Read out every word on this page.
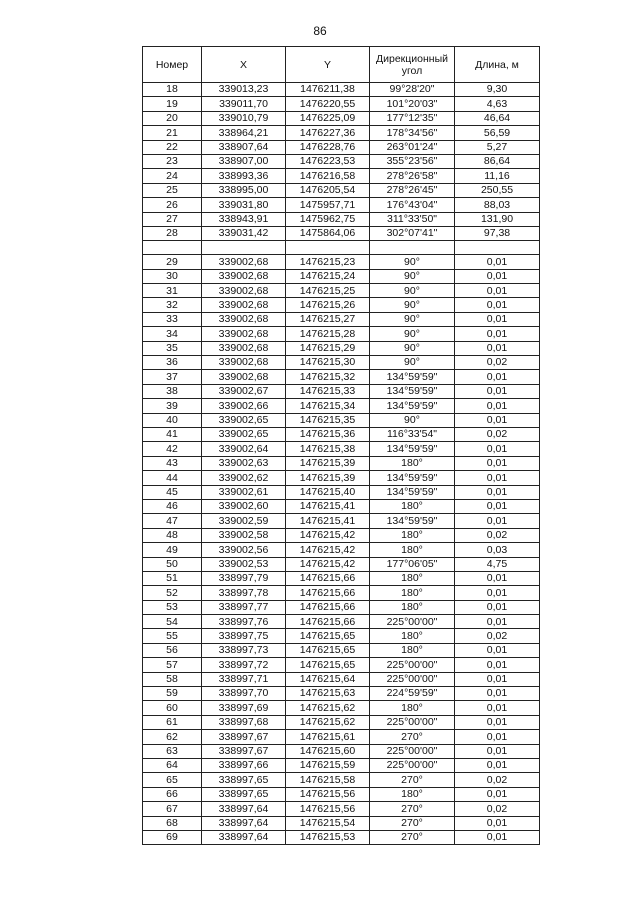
86
Номер	X	Y	Дирекционный угол	Длина, м
18	339013,23	1476211,38	99°28'20"	9,30
19	339011,70	1476220,55	101°20'03"	4,63
20	339010,79	1476225,09	177°12'35"	46,64
21	338964,21	1476227,36	178°34'56"	56,59
22	338907,64	1476228,76	263°01'24"	5,27
23	338907,00	1476223,53	355°23'56"	86,64
24	338993,36	1476216,58	278°26'58"	11,16
25	338995,00	1476205,54	278°26'45"	250,55
26	339031,80	1475957,71	176°43'04"	88,03
27	338943,91	1475962,75	311°33'50"	131,90
28	339031,42	1475864,06	302°07'41"	97,38

29	339002,68	1476215,23	90°	0,01
30	339002,68	1476215,24	90°	0,01
31	339002,68	1476215,25	90°	0,01
32	339002,68	1476215,26	90°	0,01
33	339002,68	1476215,27	90°	0,01
34	339002,68	1476215,28	90°	0,01
35	339002,68	1476215,29	90°	0,01
36	339002,68	1476215,30	90°	0,02
37	339002,68	1476215,32	134°59'59"	0,01
38	339002,67	1476215,33	134°59'59"	0,01
39	339002,66	1476215,34	134°59'59"	0,01
40	339002,65	1476215,35	90°	0,01
41	339002,65	1476215,36	116°33'54"	0,02
42	339002,64	1476215,38	134°59'59"	0,01
43	339002,63	1476215,39	180°	0,01
44	339002,62	1476215,39	134°59'59"	0,01
45	339002,61	1476215,40	134°59'59"	0,01
46	339002,60	1476215,41	180°	0,01
47	339002,59	1476215,41	134°59'59"	0,01
48	339002,58	1476215,42	180°	0,02
49	339002,56	1476215,42	180°	0,03
50	339002,53	1476215,42	177°06'05"	4,75
51	338997,79	1476215,66	180°	0,01
52	338997,78	1476215,66	180°	0,01
53	338997,77	1476215,66	180°	0,01
54	338997,76	1476215,66	225°00'00"	0,01
55	338997,75	1476215,65	180°	0,02
56	338997,73	1476215,65	180°	0,01
57	338997,72	1476215,65	225°00'00"	0,01
58	338997,71	1476215,64	225°00'00"	0,01
59	338997,70	1476215,63	224°59'59"	0,01
60	338997,69	1476215,62	180°	0,01
61	338997,68	1476215,62	225°00'00"	0,01
62	338997,67	1476215,61	270°	0,01
63	338997,67	1476215,60	225°00'00"	0,01
64	338997,66	1476215,59	225°00'00"	0,01
65	338997,65	1476215,58	270°	0,02
66	338997,65	1476215,56	180°	0,01
67	338997,64	1476215,56	270°	0,02
68	338997,64	1476215,54	270°	0,01
69	338997,64	1476215,53	270°	0,01
